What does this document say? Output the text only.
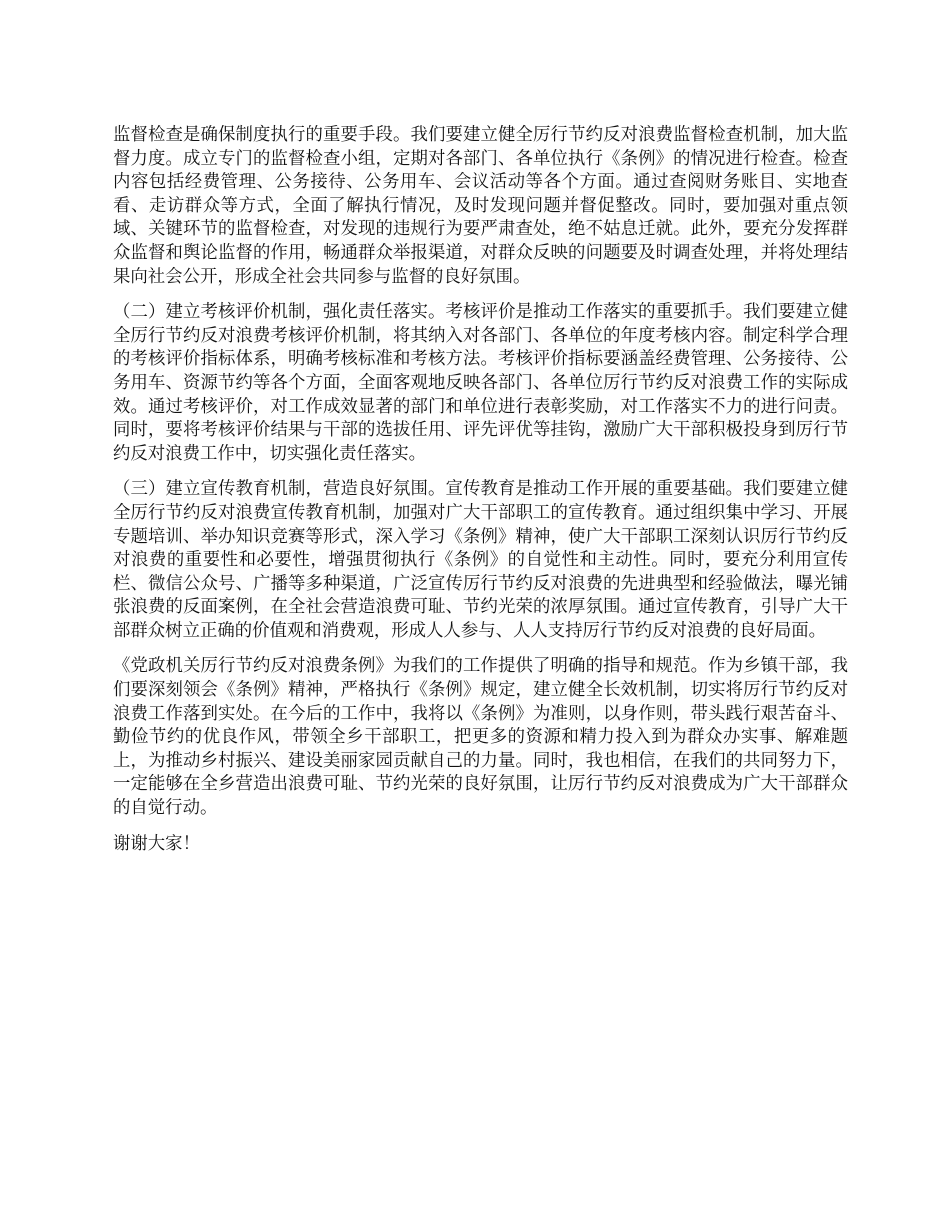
监督检查是确保制度执行的重要手段。我们要建立健全厉行节约反对浪费监督检查机制，加大监督力度。成立专门的监督检查小组，定期对各部门、各单位执行《条例》的情况进行检查。检查内容包括经费管理、公务接待、公务用车、会议活动等各个方面。通过查阅财务账目、实地查看、走访群众等方式，全面了解执行情况，及时发现问题并督促整改。同时，要加强对重点领域、关键环节的监督检查，对发现的违规行为要严肃查处，绝不姑息迁就。此外，要充分发挥群众监督和舆论监督的作用，畅通群众举报渠道，对群众反映的问题要及时调查处理，并将处理结果向社会公开，形成全社会共同参与监督的良好氛围。

（二）建立考核评价机制，强化责任落实。考核评价是推动工作落实的重要抓手。我们要建立健全厉行节约反对浪费考核评价机制，将其纳入对各部门、各单位的年度考核内容。制定科学合理的考核评价指标体系，明确考核标准和考核方法。考核评价指标要涵盖经费管理、公务接待、公务用车、资源节约等各个方面，全面客观地反映各部门、各单位厉行节约反对浪费工作的实际成效。通过考核评价，对工作成效显著的部门和单位进行表彰奖励，对工作落实不力的进行问责。同时，要将考核评价结果与干部的选拔任用、评先评优等挂钩，激励广大干部积极投身到厉行节约反对浪费工作中，切实强化责任落实。

（三）建立宣传教育机制，营造良好氛围。宣传教育是推动工作开展的重要基础。我们要建立健全厉行节约反对浪费宣传教育机制，加强对广大干部职工的宣传教育。通过组织集中学习、开展专题培训、举办知识竞赛等形式，深入学习《条例》精神，使广大干部职工深刻认识厉行节约反对浪费的重要性和必要性，增强贯彻执行《条例》的自觉性和主动性。同时，要充分利用宣传栏、微信公众号、广播等多种渠道，广泛宣传厉行节约反对浪费的先进典型和经验做法，曝光铺张浪费的反面案例，在全社会营造浪费可耻、节约光荣的浓厚氛围。通过宣传教育，引导广大干部群众树立正确的价值观和消费观，形成人人参与、人人支持厉行节约反对浪费的良好局面。

《党政机关厉行节约反对浪费条例》为我们的工作提供了明确的指导和规范。作为乡镇干部，我们要深刻领会《条例》精神，严格执行《条例》规定，建立健全长效机制，切实将厉行节约反对浪费工作落到实处。在今后的工作中，我将以《条例》为准则，以身作则，带头践行艰苦奋斗、勤俭节约的优良作风，带领全乡干部职工，把更多的资源和精力投入到为群众办实事、解难题上，为推动乡村振兴、建设美丽家园贡献自己的力量。同时，我也相信，在我们的共同努力下，一定能够在全乡营造出浪费可耻、节约光荣的良好氛围，让厉行节约反对浪费成为广大干部群众的自觉行动。

谢谢大家！
